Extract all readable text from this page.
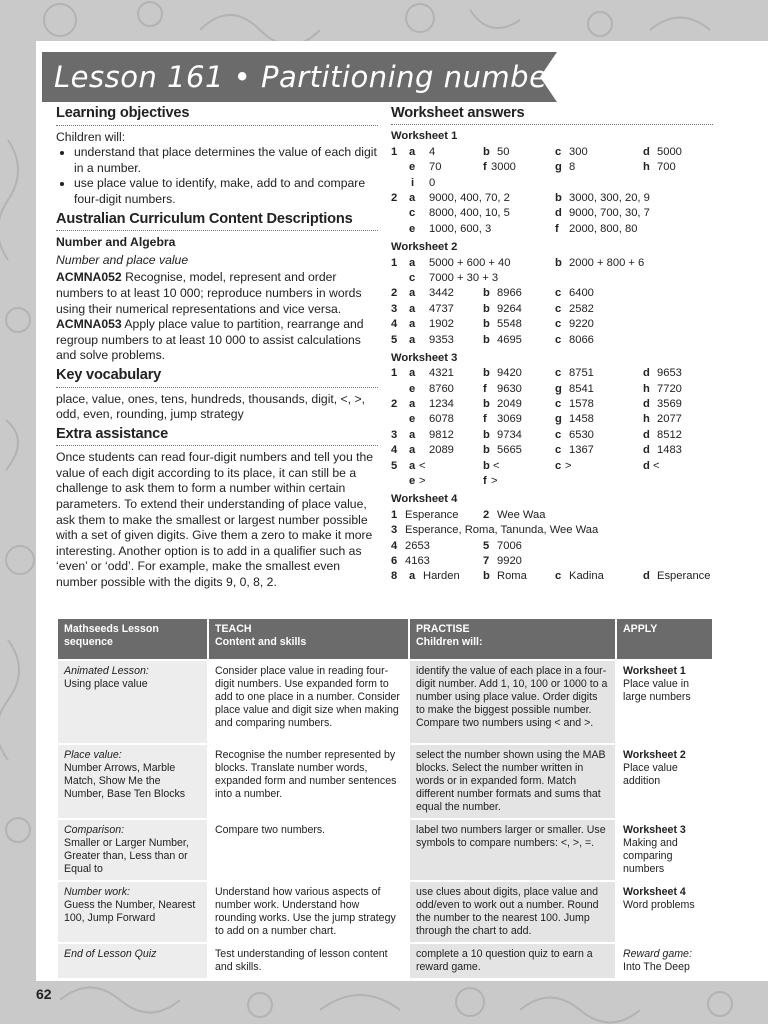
Lesson 161 • Partitioning numbers
Learning objectives

Children will:

• understand that place determines the value of each digit in a number.
• use place value to identify, make, add to and compare four-digit numbers.
Australian Curriculum Content Descriptions
Number and Algebra

Number and place value

ACMNA052 Recognise, model, represent and order numbers to at least 10 000; reproduce numbers in words using their numerical representations and vice versa.

ACMNA053 Apply place value to partition, rearrange and regroup numbers to at least 10 000 to assist calculations and solve problems.

Key vocabulary

place, value, ones, tens, hundreds, thousands, digit, <, >, odd, even, rounding, jump strategy

Extra assistance

Once students can read four-digit numbers and tell you the value of each digit according to its place, it can still be a challenge to ask them to form a number within certain parameters. To extend their understanding of place value, ask them to make the smallest or largest number possible with a set of given digits. Give them a zero to make it more interesting. Another option is to add in a qualifier such as ‘even’ or ‘odd’. For example, make the smallest even number possible with the digits 9, 0, 8, 2.

Worksheet answers
Worksheet 1
1 a 4	b 50	c 300	d 5000
e 70	f 3000	g 8	h 700
i 0
2 a 9000, 400, 70, 2	b 3000, 300, 20, 9
c 8000, 400, 10, 5	d 9000, 700, 30, 7
e 1000, 600, 3	f 2000, 800, 80
Worksheet 2
1 a 5000 + 600 + 40	b 2000 + 800 + 6
c 7000 + 30 + 3
2 a 3442	b 8966	c 6400
3 a 4737	b 9264	c 2582
4 a 1902	b 5548	c 9220
5 a 9353	b 4695	c 8066
Worksheet 3
1 a 4321	b 9420	c 8751	d 9653
e 8760	f 9630	g 8541	h 7720
2 a 1234	b 2049	c 1578	d 3569
e 6078	f 3069	g 1458	h 2077
3 a 9812	b 9734	c 6530	d 8512
4 a 2089	b 5665	c 1367	d 1483
5 a <	b <	c >	d <
e >	f >
Worksheet 4
1 Esperance 2 Wee Waa
3 Esperance, Roma, Tanunda, Wee Waa
4 2653	5 7006
6 4163	7 9920
8 a Harden b Roma	c Kadina	d Esperance
Mathseeds Lesson
sequence	TEACH
Content and skills	PRACTISE
Children will:	APPLY

Animated Lesson:
Using place value	Consider place value in reading four-digit numbers. Use expanded form to add to one place in a number. Consider place value and digit size when making and comparing numbers.	identify the value of each place in a four-digit number. Add 1, 10, 100 or 1000 to a number using place value. Order digits to make the biggest possible number. Compare two numbers using < and >.	Worksheet 1
Place value in large numbers
Place value:
Number Arrows, Marble Match, Show Me the Number, Base Ten Blocks	Recognise the number represented by blocks. Translate number words, expanded form and number sentences into a number.	select the number shown using the MAB blocks. Select the number written in words or in expanded form. Match different number formats and sums that equal the number.	Worksheet 2
Place value addition
Comparison:
Smaller or Larger Number, Greater than, Less than or Equal to	Compare two numbers.	label two numbers larger or smaller. Use symbols to compare numbers: <, >, =.	Worksheet 3
Making and comparing numbers
Number work:
Guess the Number, Nearest 100, Jump Forward	Understand how various aspects of number work. Understand how rounding works. Use the jump strategy to add on a number chart.	use clues about digits, place value and odd/even to work out a number. Round the number to the nearest 100. Jump through the chart to add.	Worksheet 4
Word problems
End of Lesson Quiz	Test understanding of lesson content and skills.	complete a 10 question quiz to earn a reward game.	Reward game:
Into The Deep
62
